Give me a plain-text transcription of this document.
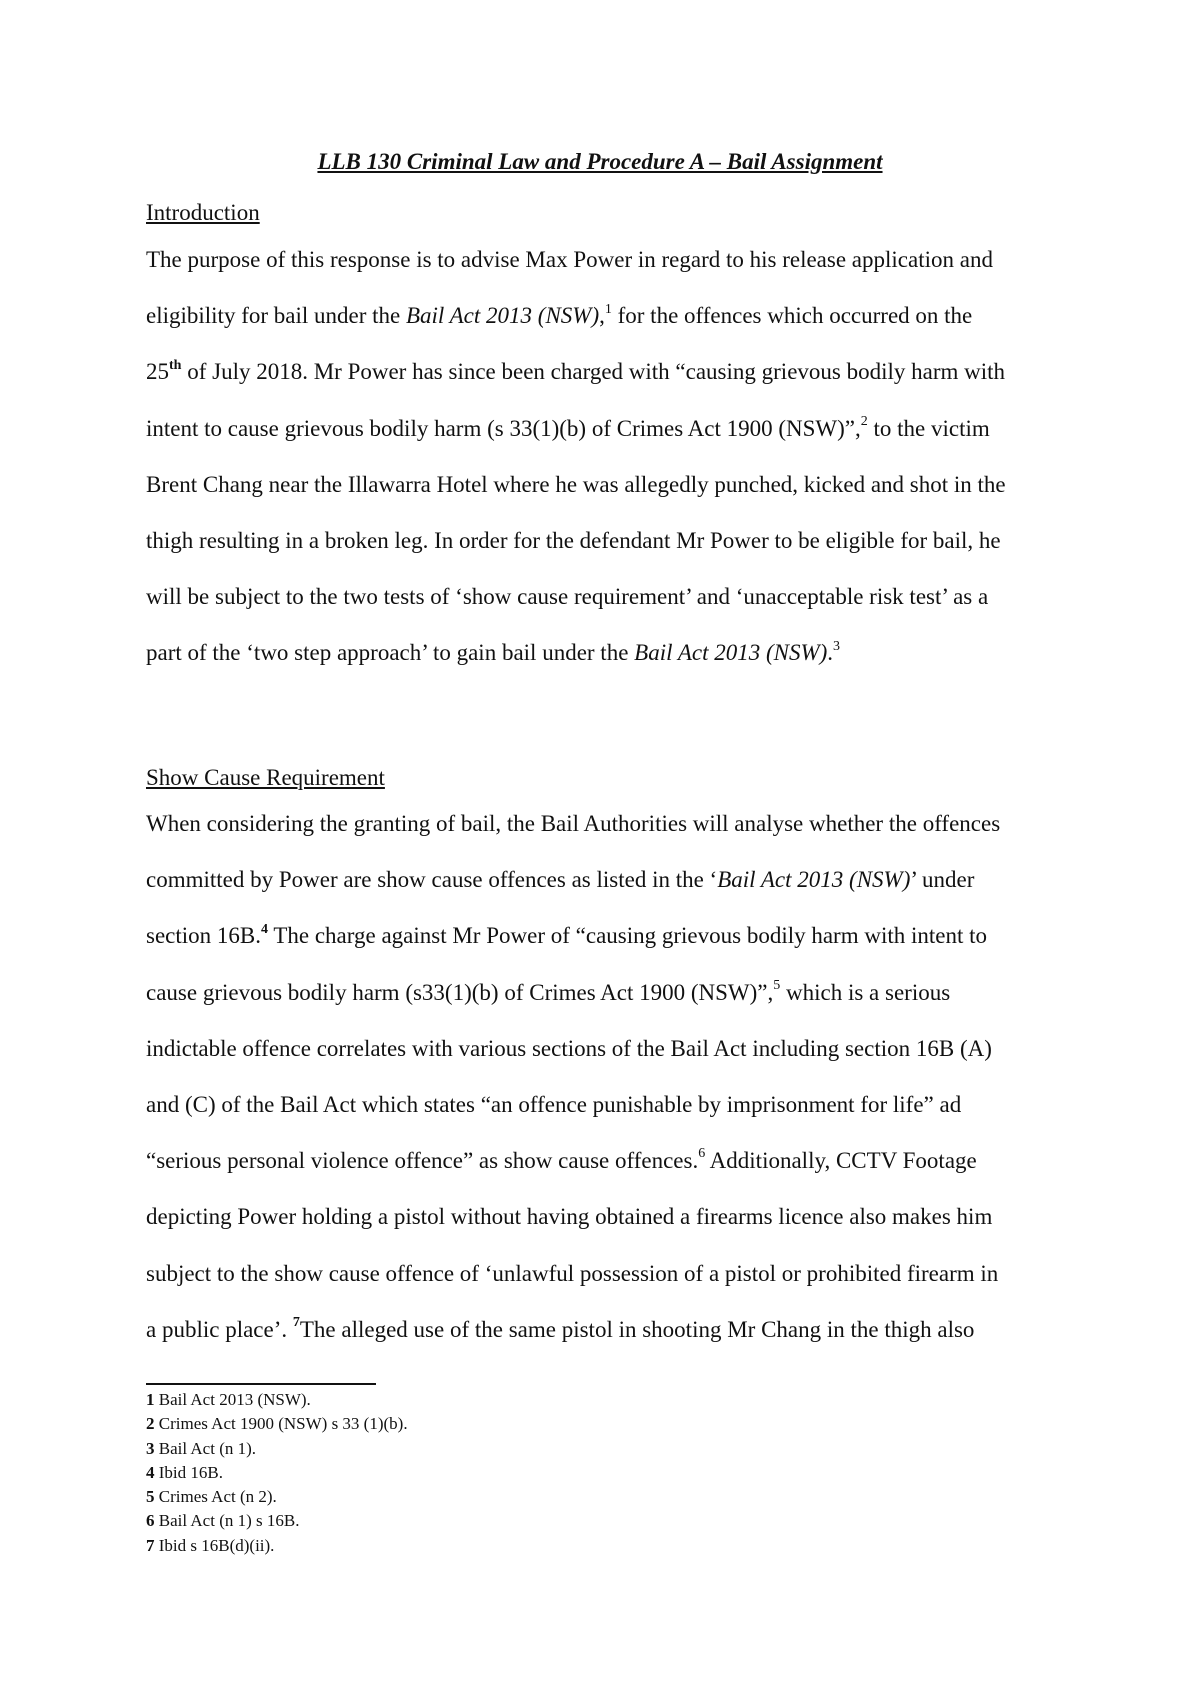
LLB 130 Criminal Law and Procedure A – Bail Assignment
Introduction
The purpose of this response is to advise Max Power in regard to his release application and
eligibility for bail under the Bail Act 2013 (NSW),$^1$ for the offences which occurred on the
25th of July 2018. Mr Power has since been charged with “causing grievous bodily harm with
intent to cause grievous bodily harm (s 33(1)(b) of Crimes Act 1900 (NSW)”,$^2$ to the victim
Brent Chang near the Illawarra Hotel where he was allegedly punched, kicked and shot in the
thigh resulting in a broken leg. In order for the defendant Mr Power to be eligible for bail, he
will be subject to the two tests of ‘show cause requirement’ and ‘unacceptable risk test’ as a
part of the ‘two step approach’ to gain bail under the Bail Act 2013 (NSW).$^3$
Show Cause Requirement
When considering the granting of bail, the Bail Authorities will analyse whether the offences
committed by Power are show cause offences as listed in the ‘Bail Act 2013 (NSW)’ under
section 16B.$^4$ The charge against Mr Power of “causing grievous bodily harm with intent to
cause grievous bodily harm (s33(1)(b) of Crimes Act 1900 (NSW)”,$^5$ which is a serious
indictable offence correlates with various sections of the Bail Act including section 16B (A)
and (C) of the Bail Act which states “an offence punishable by imprisonment for life” ad
“serious personal violence offence” as show cause offences.$^6$ Additionally, CCTV Footage
depicting Power holding a pistol without having obtained a firearms licence also makes him
subject to the show cause offence of ‘unlawful possession of a pistol or prohibited firearm in
a public place’. $^7$The alleged use of the same pistol in shooting Mr Chang in the thigh also
1 Bail Act 2013 (NSW).
2 Crimes Act 1900 (NSW) s 33 (1)(b).
3 Bail Act (n 1).
4 Ibid 16B.
5 Crimes Act (n 2).
6 Bail Act (n 1) s 16B.
7 Ibid s 16B(d)(ii).
